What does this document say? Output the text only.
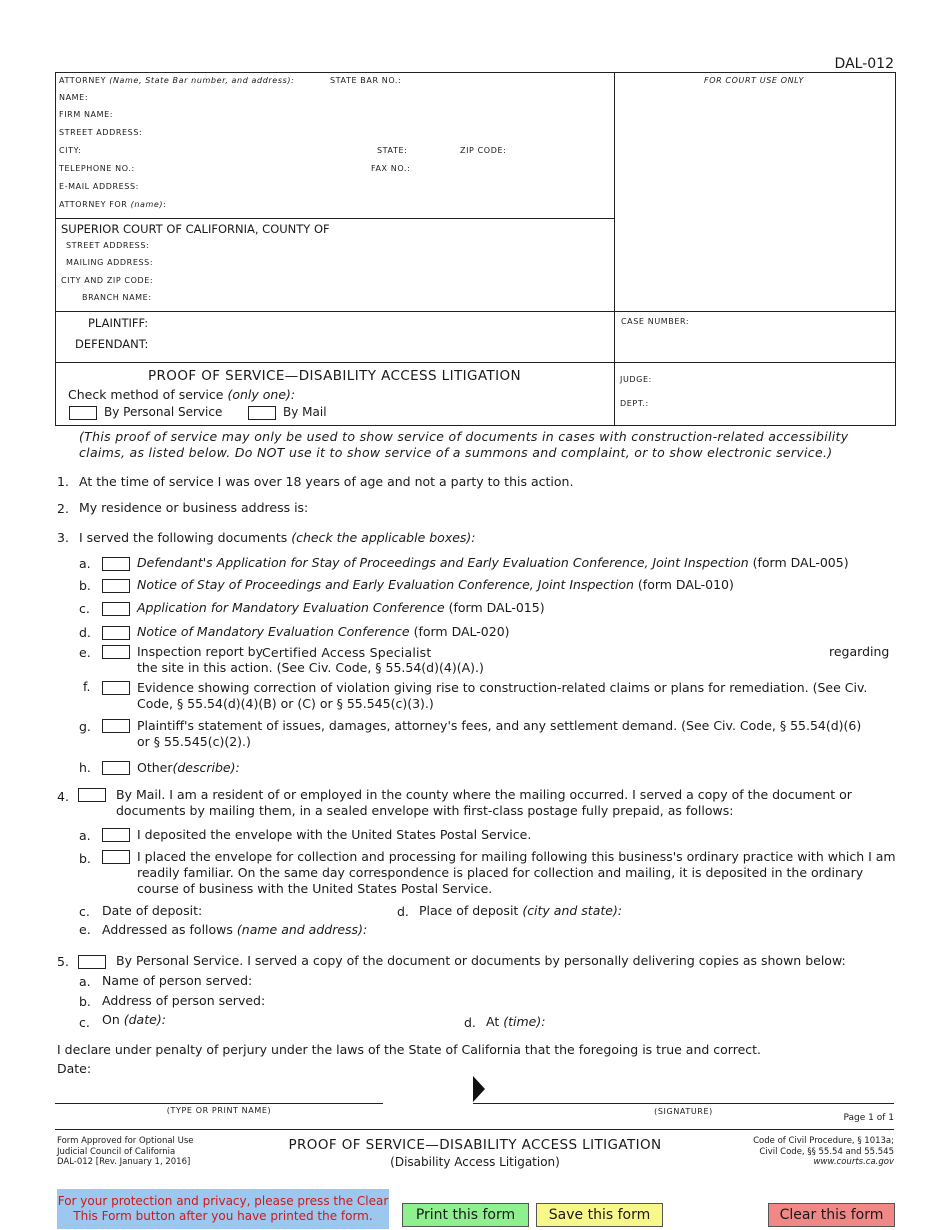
DAL-012
ATTORNEY (Name, State Bar number, and address):	STATE BAR NO.:
NAME:
FIRM NAME:
STREET ADDRESS:
CITY:	STATE:	ZIP CODE:
TELEPHONE NO.:	FAX NO.:
E-MAIL ADDRESS:
ATTORNEY FOR (name):
FOR COURT USE ONLY
SUPERIOR COURT OF CALIFORNIA, COUNTY OF
STREET ADDRESS:
MAILING ADDRESS:
CITY AND ZIP CODE:
BRANCH NAME:
PLAINTIFF:
DEFENDANT:
CASE NUMBER:
PROOF OF SERVICE—DISABILITY ACCESS LITIGATION
Check method of service (only one):
By Personal Service	By Mail
JUDGE:
DEPT.:
(This proof of service may only be used to show service of documents in cases with construction-related accessibility claims, as listed below. Do NOT use it to show service of a summons and complaint, or to show electronic service.)
1. At the time of service I was over 18 years of age and not a party to this action.
2. My residence or business address is:
3. I served the following documents (check the applicable boxes):
a.	Defendant's Application for Stay of Proceedings and Early Evaluation Conference, Joint Inspection (form DAL-005)
b.	Notice of Stay of Proceedings and Early Evaluation Conference, Joint Inspection (form DAL-010)
c.	Application for Mandatory Evaluation Conference (form DAL-015)
d.	Notice of Mandatory Evaluation Conference (form DAL-020)
e.	Inspection report by
Certified Access Specialist	regarding
the site in this action. (See Civ. Code, § 55.54(d)(4)(A).)
f.	Evidence showing correction of violation giving rise to construction-related claims or plans for remediation. (See Civ. Code, § 55.54(d)(4)(B) or (C) or § 55.545(c)(3).)
g.	Plaintiff's statement of issues, damages, attorney's fees, and any settlement demand. (See Civ. Code, § 55.54(d)(6) or § 55.545(c)(2).)
h.	Other(describe):
4.	By Mail. I am a resident of or employed in the county where the mailing occurred. I served a copy of the document or documents by mailing them, in a sealed envelope with first-class postage fully prepaid, as follows:
a.	I deposited the envelope with the United States Postal Service.
b.	I placed the envelope for collection and processing for mailing following this business's ordinary practice with which I am readily familiar. On the same day correspondence is placed for collection and mailing, it is deposited in the ordinary course of business with the United States Postal Service.
c. Date of deposit:	d. Place of deposit (city and state):
e. Addressed as follows (name and address):
5.	By Personal Service. I served a copy of the document or documents by personally delivering copies as shown below:
a. Name of person served:
b. Address of person served:
c. On (date):	d. At (time):
I declare under penalty of perjury under the laws of the State of California that the foregoing is true and correct.
Date:
(TYPE OR PRINT NAME)	(SIGNATURE)
Page 1 of 1
Form Approved for Optional Use
Judicial Council of California
DAL-012 [Rev. January 1, 2016]
PROOF OF SERVICE—DISABILITY ACCESS LITIGATION
(Disability Access Litigation)
Code of Civil Procedure, § 1013a;
Civil Code, §§ 55.54 and 55.545
www.courts.ca.gov
For your protection and privacy, please press the Clear This Form button after you have printed the form.	Print this form	Save this form	Clear this form
